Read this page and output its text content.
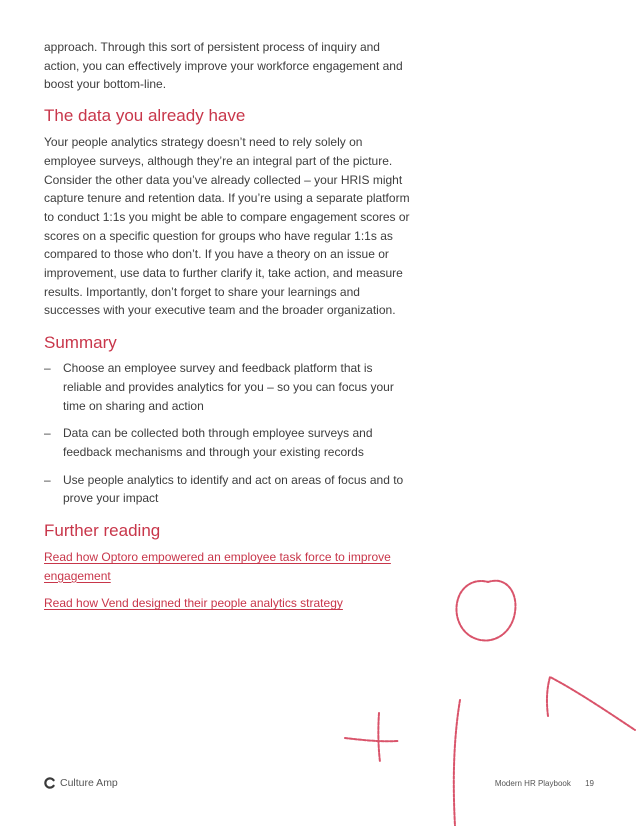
approach. Through this sort of persistent process of inquiry and action, you can effectively improve your workforce engagement and boost your bottom-line.

The data you already have

Your people analytics strategy doesn’t need to rely solely on employee surveys, although they’re an integral part of the picture. Consider the other data you’ve already collected – your HRIS might capture tenure and retention data. If you’re using a separate platform to conduct 1:1s you might be able to compare engagement scores or scores on a specific question for groups who have regular 1:1s as compared to those who don’t. If you have a theory on an issue or improvement, use data to further clarify it, take action, and measure results. Importantly, don’t forget to share your learnings and successes with your executive team and the broader organization.

Summary
– Choose an employee survey and feedback platform that is reliable and provides analytics for you – so you can focus your time on sharing and action
– Data can be collected both through employee surveys and feedback mechanisms and through your existing records
– Use people analytics to identify and act on areas of focus and to prove your impact
Further reading
Read how Optoro empowered an employee task force to improve engagement
Read how Vend designed their people analytics strategy
Culture Amp	Modern HR Playbook 19
